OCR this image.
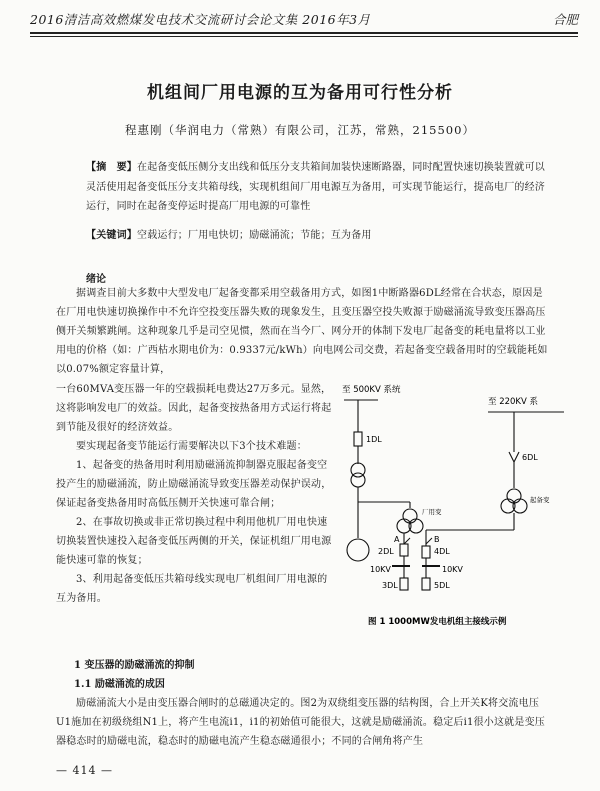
2016清洁高效燃煤发电技术交流研讨会论文集 2016年3月	合肥
机组间厂用电源的互为备用可行性分析
程惠刚（华润电力（常熟）有限公司，江苏，常熟，215500）
【摘　要】在起备变低压侧分支出线和低压分支共箱间加装快速断路器，同时配置快速切换装置就可以灵活使用起备变低压分支共箱母线，实现机组间厂用电源互为备用，可实现节能运行，提高电厂的经济运行，同时在起备变停运时提高厂用电源的可靠性
【关键词】空载运行；厂用电快切；励磁涌流；节能；互为备用
绪论
据调查目前大多数中大型发电厂起备变都采用空载备用方式，如图1中断路器6DL经常在合状态，原因是在厂用电快速切换操作中不允许空投变压器失败的现象发生，且变压器空投失败源于励磁涌流导致变压器高压侧开关频繁跳闸。这种现象几乎是司空见惯，然而在当今厂、网分开的体制下发电厂起备变的耗电量将以工业用电的价格（如：广西枯水期电价为：0.9337元/kWh）向电网公司交费，若起备变空载备用时的空载能耗如以0.07%额定容量计算，
一台60MVA变压器一年的空载损耗电费达27万多元。显然，这将影响发电厂的效益。因此，起备变按热备用方式运行将起到节能及很好的经济效益。
要实现起备变节能运行需要解决以下3个技术难题：
1、起备变的热备用时利用励磁涌流抑制器克服起备变空投产生的励磁涌流，防止励磁涌流导致变压器差动保护误动，保证起备变热备用时高低压侧开关快速可靠合闸；
2、在事故切换或非正常切换过程中利用他机厂用电快速切换装置快速投入起备变低压两侧的开关，保证机组厂用电源能快速可靠的恢复；
3、利用起备变低压共箱母线实现电厂机组间厂用电源的互为备用。
至 500KV 系统
至 220KV 系
1DL
6DL
厂用变
起备变
2DL	4DL
A	B
10KV	10KV
3DL	5DL
图 1 1000MW发电机组主接线示例
1 变压器的励磁涌流的抑制
1.1 励磁涌流的成因
励磁涌流大小是由变压器合闸时的总磁通决定的。图2为双绕组变压器的结构图，合上开关K将交流电压U1施加在初级绕组N1上，将产生电流i1，i1的初始值可能很大，这就是励磁涌流。稳定后i1很小这就是变压器稳态时的励磁电流，稳态时的励磁电流产生稳态磁通很小；不同的合闸角将产生
— 414 —
